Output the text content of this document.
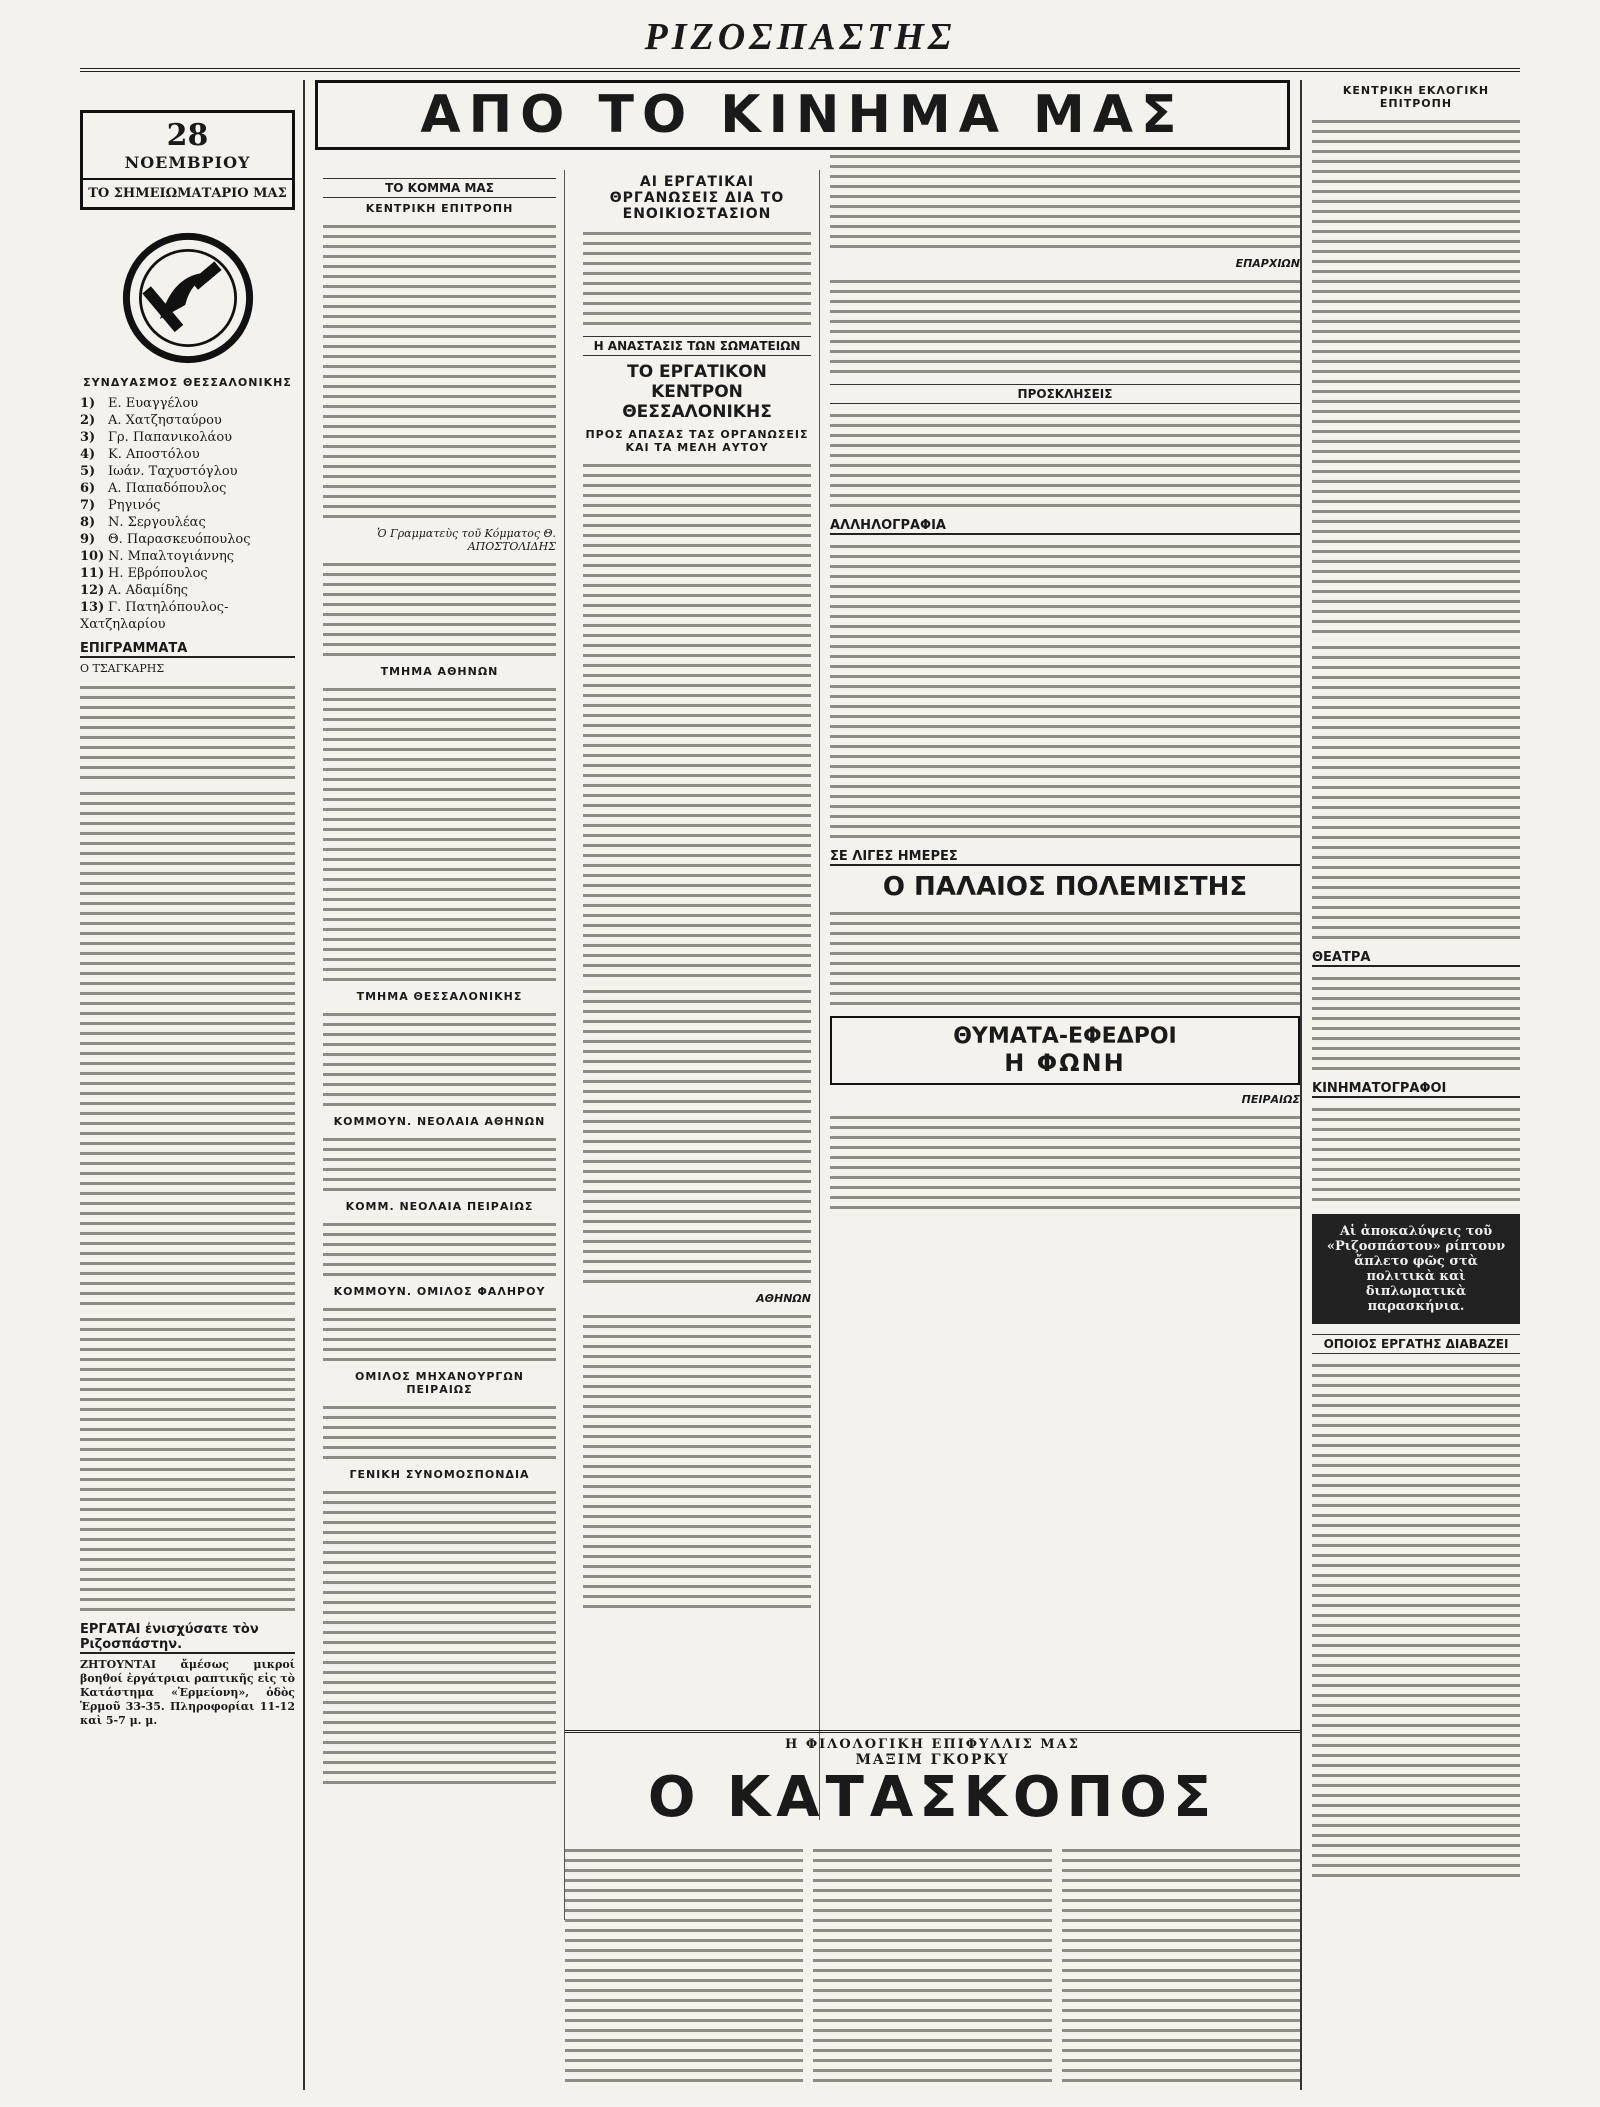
ΡΙΖΟΣΠΑΣΤΗΣ
ΑΠΟ ΤΟ ΚΙΝΗΜΑ ΜΑΣ
28
ΝΟΕΜΒΡΙΟΥ
ΤΟ ΣΗΜΕΙΩΜΑΤΑΡΙΟ ΜΑΣ
ΣΥΝΔΥΑΣΜΟΣ ΘΕΣΣΑΛΟΝΙΚΗΣ
1) Ε. Ευαγγέλου
2) Α. Χατζησταύρου
3) Γρ. Παπανικολάου
4) Κ. Αποστόλου
5) Ιωάν. Ταχυστόγλου
6) Α. Παπαδόπουλος
7) Ρηγινός
8) Ν. Σεργουλέας
9) Θ. Παρασκευόπουλος
10) Ν. Μπαλτογιάννης
11) Η. Εβρόπουλος
12) Α. Αδαμίδης
13) Γ. Πατηλόπουλος-Χατζηλαρίου
ΕΠΙΓΡΑΜΜΑΤΑ
Ο ΤΣΑΓΚΑΡΗΣ
ΕΡΓΑΤΑΙ ἐνισχύσατε τὸν Ριζοσπάστην.
ΖΗΤΟΥΝΤΑΙ ἄμέσως μικροί βοηθοί ἐργάτριαι ραπτικῆς εἰς τὸ Κατάστημα «Ἑρμείονη», ὁδὸς Ἑρμοῦ 33-35. Πληροφορίαι 11-12 καὶ 5-7 μ. μ.
ΤΟ ΚΟΜΜΑ ΜΑΣ
ΚΕΝΤΡΙΚΗ ΕΠΙΤΡΟΠΗ
Ὁ Γραμματεὺς τοῦ Κόμματος Θ. ΑΠΟΣΤΟΛΙΔΗΣ
ΤΜΗΜΑ ΑΘΗΝΩΝ
ΤΜΗΜΑ ΘΕΣΣΑΛΟΝΙΚΗΣ
ΚΟΜΜΟΥΝ. ΝΕΟΛΑΙΑ ΑΘΗΝΩΝ
ΚΟΜΜ. ΝΕΟΛΑΙΑ ΠΕΙΡΑΙΩΣ
ΚΟΜΜΟΥΝ. ΟΜΙΛΟΣ ΦΑΛΗΡΟΥ
ΟΜΙΛΟΣ ΜΗΧΑΝΟΥΡΓΩΝ ΠΕΙΡΑΙΩΣ
ΓΕΝΙΚΗ ΣΥΝΟΜΟΣΠΟΝΔΙΑ
ΑΙ ΕΡΓΑΤΙΚΑΙ ΘΡΓΑΝΩΣΕΙΣ ΔΙΑ ΤΟ ΕΝΟΙΚΙΟΣΤΑΣΙΟΝ
Η ΑΝΑΣΤΑΣΙΣ ΤΩΝ ΣΩΜΑΤΕΙΩΝ
ΤΟ ΕΡΓΑΤΙΚΟΝ ΚΕΝΤΡΟΝ ΘΕΣΣΑΛΟΝΙΚΗΣ
ΠΡΟΣ ΑΠΑΣΑΣ ΤΑΣ ΟΡΓΑΝΩΣΕΙΣ ΚΑΙ ΤΑ ΜΕΛΗ ΑΥΤΟΥ
ΑΘΗΝΩΝ
ΕΠΑΡΧΙΩΝ
ΠΡΟΣΚΛΗΣΕΙΣ
ΑΛΛΗΛΟΓΡΑΦΙΑ
ΣΕ ΛΙΓΕΣ ΗΜΕΡΕΣ
Ο ΠΑΛΑΙΟΣ ΠΟΛΕΜΙΣΤΗΣ
ΘΥΜΑΤΑ-ΕΦΕΔΡΟΙ
Η ΦΩΝΗ
ΠΕΙΡΑΙΩΣ
ΚΕΝΤΡΙΚΗ ΕΚΛΟΓΙΚΗ ΕΠΙΤΡΟΠΗ
ΘΕΑΤΡΑ
ΚΙΝΗΜΑΤΟΓΡΑΦΟΙ
Αἱ ἀποκαλύψεις τοῦ «Ριζοσπάστου» ρίπτουν ἄπλετο φῶς στὰ πολιτικὰ καὶ διπλωματικὰ παρασκήνια.
ΟΠΟΙΟΣ ΕΡΓΑΤΗΣ ΔΙΑΒΑΖΕΙ
Η ΦΙΛΟΛΟΓΙΚΗ ΕΠΙΦΥΛΛΙΣ ΜΑΣ
ΜΑΞΙΜ ΓΚΟΡΚΥ
Ο ΚΑΤΑΣΚΟΠΟΣ
